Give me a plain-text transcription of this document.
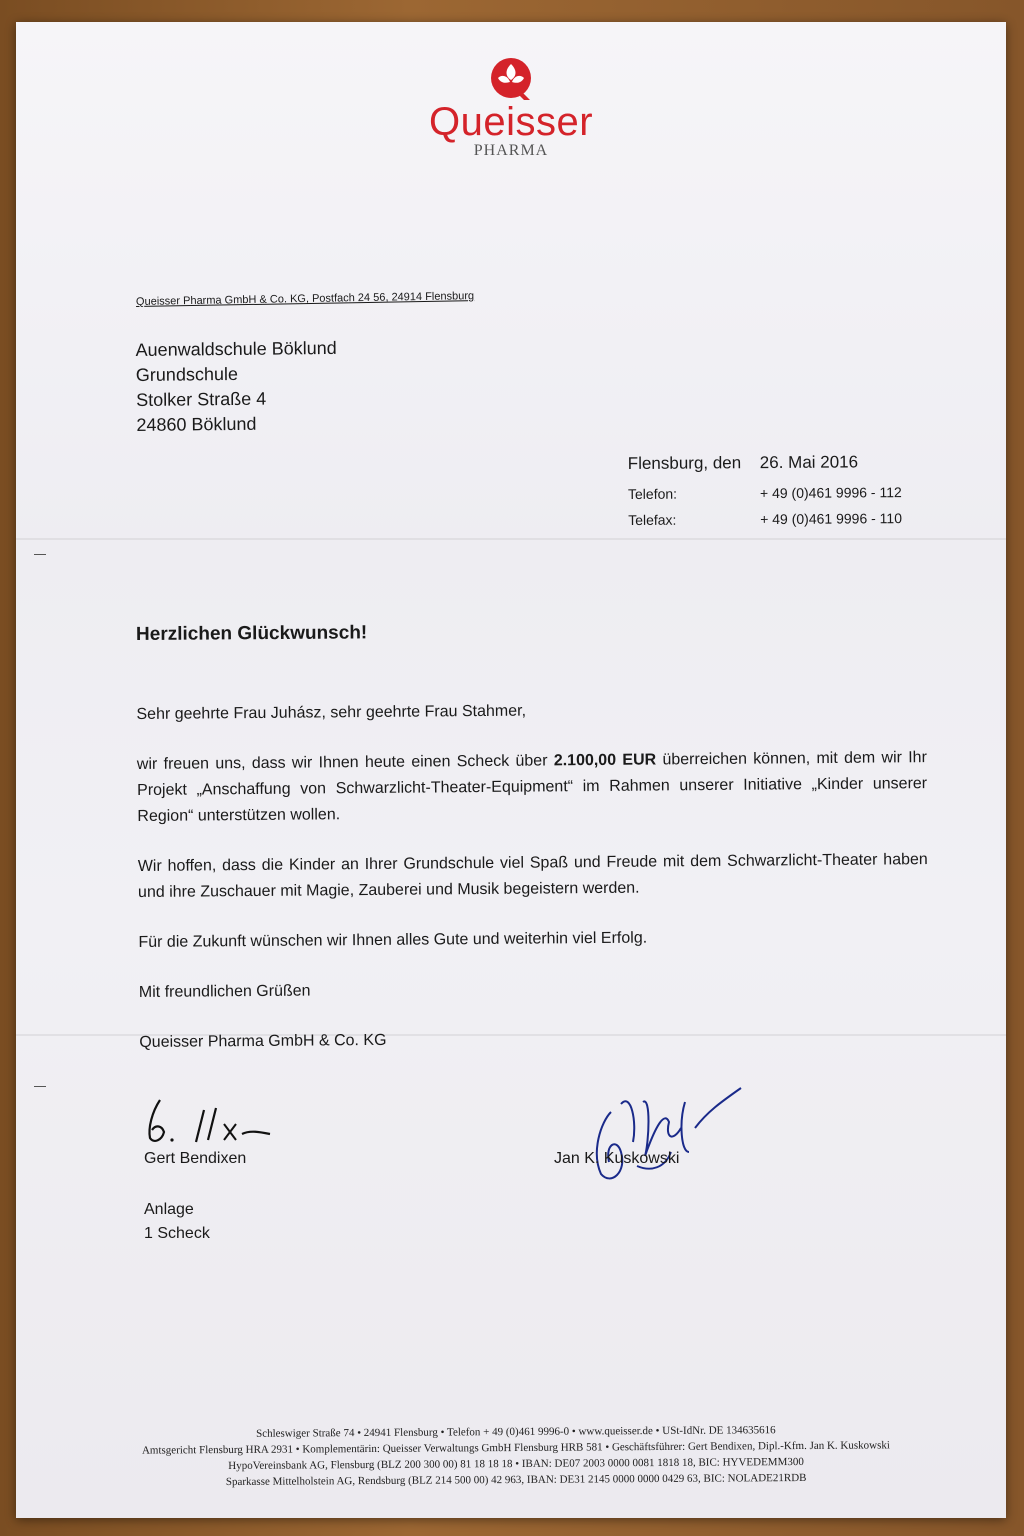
Queisser
PHARMA
Queisser Pharma GmbH & Co. KG, Postfach 24 56, 24914 Flensburg
Auenwaldschule Böklund
Grundschule
Stolker Straße 4
24860 Böklund
Flensburg, den 26. Mai 2016
Telefon:	+ 49 (0)461 9996 - 112
Telefax:	+ 49 (0)461 9996 - 110
Herzlichen Glückwunsch!

Sehr geehrte Frau Juhász, sehr geehrte Frau Stahmer,

wir freuen uns, dass wir Ihnen heute einen Scheck über 2.100,00 EUR überreichen können, mit dem wir Ihr Projekt „Anschaffung von Schwarzlicht-Theater-Equipment“ im Rahmen unserer Initiative „Kinder unserer Region“ unterstützen wollen.

Wir hoffen, dass die Kinder an Ihrer Grundschule viel Spaß und Freude mit dem Schwarzlicht-Theater haben und ihre Zuschauer mit Magie, Zauberei und Musik begeistern werden.

Für die Zukunft wünschen wir Ihnen alles Gute und weiterhin viel Erfolg.

Mit freundlichen Grüßen

Queisser Pharma GmbH & Co. KG

Gert Bendixen	Jan K. Kuskowski
Anlage
1 Scheck
Schleswiger Straße 74 • 24941 Flensburg • Telefon + 49 (0)461 9996-0 • www.queisser.de • USt-IdNr. DE 134635616
Amtsgericht Flensburg HRA 2931 • Komplementärin: Queisser Verwaltungs GmbH Flensburg HRB 581 • Geschäftsführer: Gert Bendixen, Dipl.-Kfm. Jan K. Kuskowski
HypoVereinsbank AG, Flensburg (BLZ 200 300 00) 81 18 18 18 • IBAN: DE07 2003 0000 0081 1818 18, BIC: HYVEDEMM300
Sparkasse Mittelholstein AG, Rendsburg (BLZ 214 500 00) 42 963, IBAN: DE31 2145 0000 0000 0429 63, BIC: NOLADE21RDB
